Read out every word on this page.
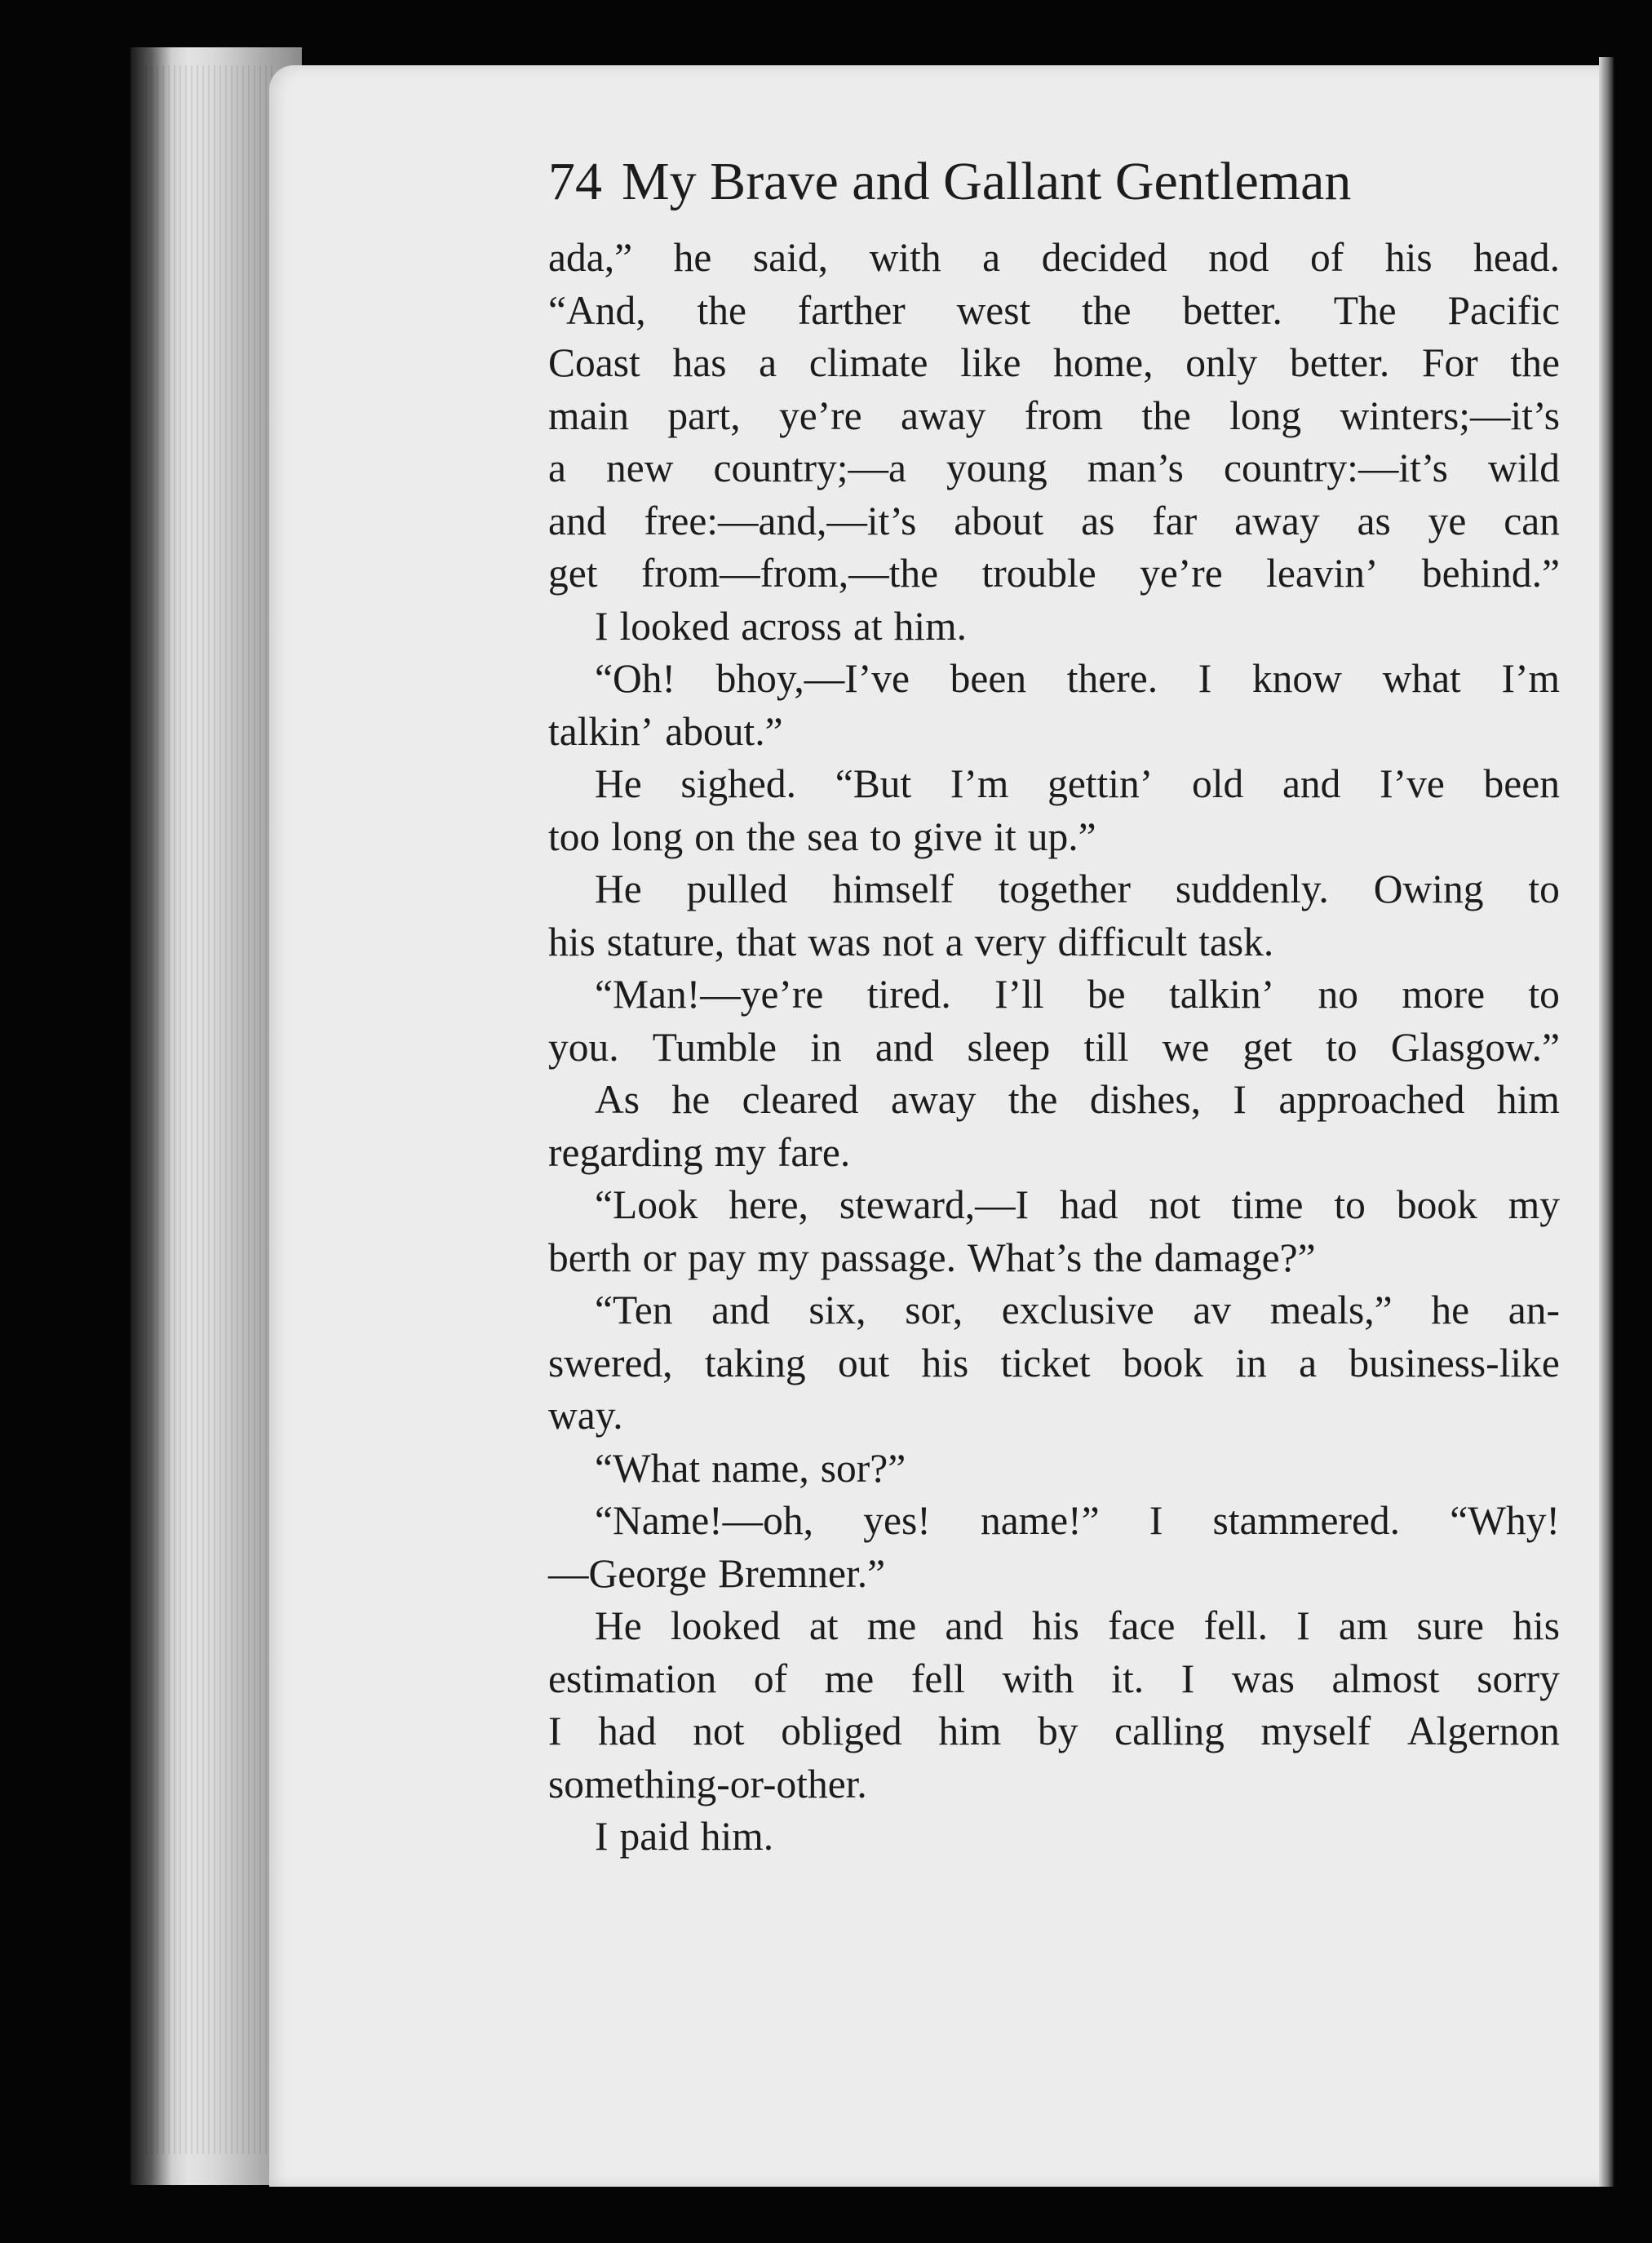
74 My Brave and Gallant Gentleman
ada,” he said, with a decided nod of his head.
“And, the farther west the better. The Pacific
Coast has a climate like home, only better. For the
main part, ye’re away from the long winters;—it’s
a new country;—a young man’s country:—it’s wild
and free:—and,—it’s about as far away as ye can
get from—from,—the trouble ye’re leavin’ behind.”
I looked across at him.
“Oh! bhoy,—I’ve been there. I know what I’m
talkin’ about.”
He sighed. “But I’m gettin’ old and I’ve been
too long on the sea to give it up.”
He pulled himself together suddenly. Owing to
his stature, that was not a very difficult task.
“Man!—ye’re tired. I’ll be talkin’ no more to
you. Tumble in and sleep till we get to Glasgow.”
As he cleared away the dishes, I approached him
regarding my fare.
“Look here, steward,—I had not time to book my
berth or pay my passage. What’s the damage?”
“Ten and six, sor, exclusive av meals,” he an-
swered, taking out his ticket book in a business-like
way.
“What name, sor?”
“Name!—oh, yes! name!” I stammered. “Why!
—George Bremner.”
He looked at me and his face fell. I am sure his
estimation of me fell with it. I was almost sorry
I had not obliged him by calling myself Algernon
something-or-other.
I paid him.
